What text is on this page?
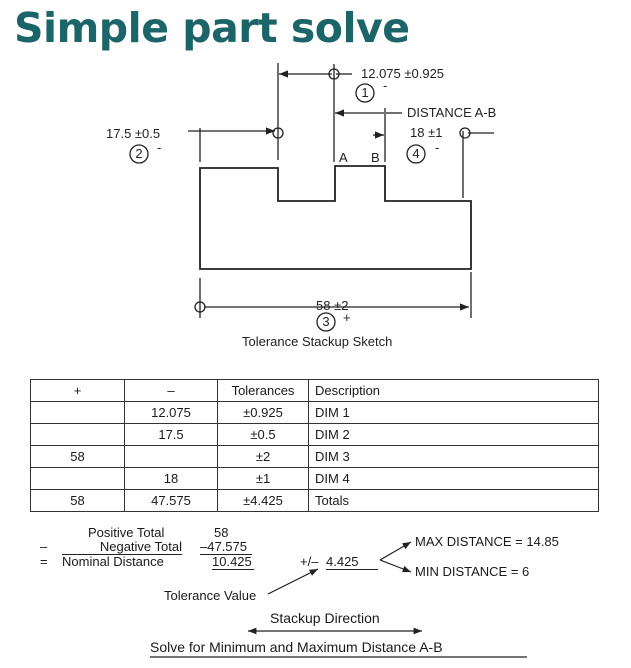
Simple part solve
12.075 ±0.925
1 -
DISTANCE A-B
17.5 ±0.5
2 -
18 ±1
4 -
A B
58 ±2
3 +
Tolerance Stackup Sketch
+	–	Tolerances	Description
	12.075	±0.925	DIM 1
	17.5	±0.5	DIM 2
58		±2	DIM 3
	18	±1	DIM 4
58	47.575	±4.425	Totals
Positive Total	58
–	Negative Total –47.575
= Nominal Distance	10.425	+/– 4.425
MAX DISTANCE = 14.85
MIN DISTANCE = 6
Tolerance Value
Stackup Direction
Solve for Minimum and Maximum Distance A-B
